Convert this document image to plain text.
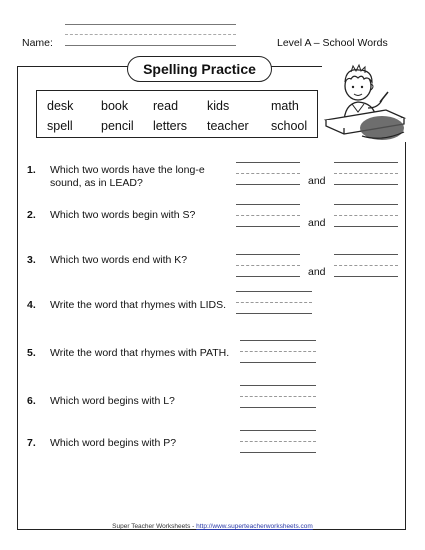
Name:	Level A – School Words
Spelling Practice
desk book read kids	math
spell pencil letters teacher school
1. Which two words have the long-e sound, as in LEAD?	and
2. Which two words begin with S?
and
3. Which two words end with K?
and
4. Write the word that rhymes with LIDS.
5. Write the word that rhymes with PATH.
6. Which word begins with L?
7. Which word begins with P?
Super Teacher Worksheets - http://www.superteacherworksheets.com
